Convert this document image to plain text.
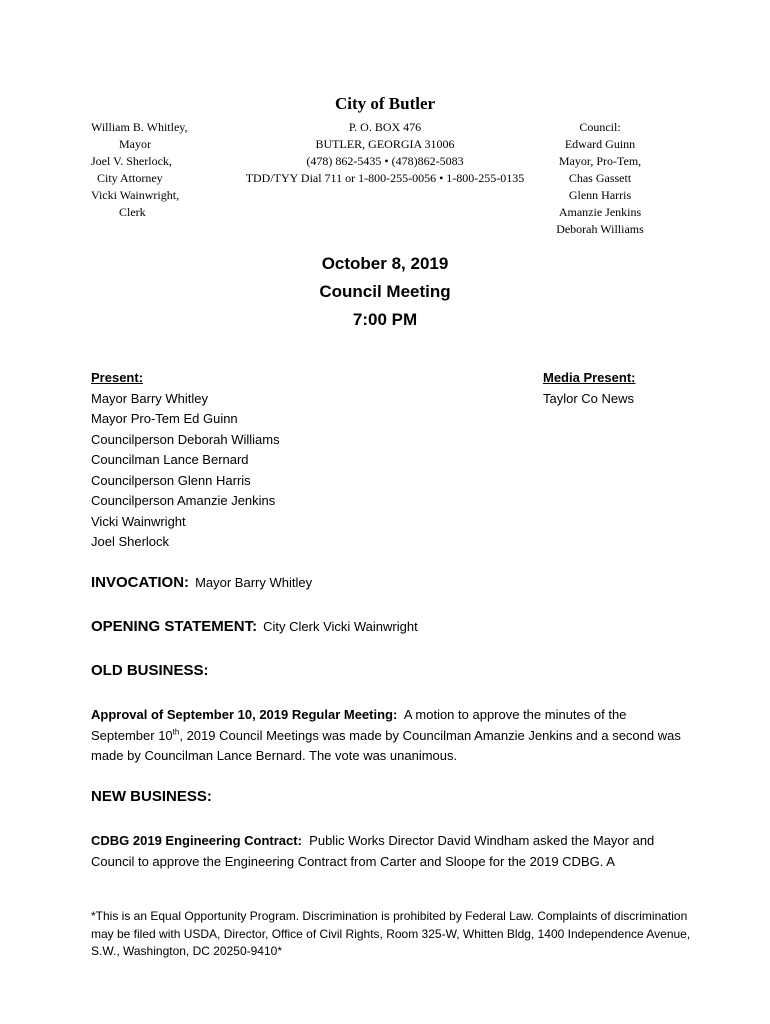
City of Butler
William B. Whitley,
Mayor
Joel V. Sherlock,
City Attorney
Vicki Wainwright,
Clerk
P. O. BOX 476
BUTLER, GEORGIA 31006
(478) 862-5435 • (478)862-5083
TDD/TYY Dial 711 or 1-800-255-0056 • 1-800-255-0135
Council:
Edward Guinn
Mayor, Pro-Tem,
Chas Gassett
Glenn Harris
Amanzie Jenkins
Deborah Williams
October 8, 2019
Council Meeting
7:00 PM
Present:
Mayor Barry Whitley
Mayor Pro-Tem Ed Guinn
Councilperson Deborah Williams
Councilman Lance Bernard
Councilperson Glenn Harris
Councilperson Amanzie Jenkins
Vicki Wainwright
Joel Sherlock
Media Present:
Taylor Co News
INVOCATION: Mayor Barry Whitley
OPENING STATEMENT: City Clerk Vicki Wainwright
OLD BUSINESS:
Approval of September 10, 2019 Regular Meeting: A motion to approve the minutes of the September 10th, 2019 Council Meetings was made by Councilman Amanzie Jenkins and a second was made by Councilman Lance Bernard. The vote was unanimous.
NEW BUSINESS:
CDBG 2019 Engineering Contract: Public Works Director David Windham asked the Mayor and Council to approve the Engineering Contract from Carter and Sloope for the 2019 CDBG. A
*This is an Equal Opportunity Program. Discrimination is prohibited by Federal Law. Complaints of discrimination may be filed with USDA, Director, Office of Civil Rights, Room 325-W, Whitten Bldg, 1400 Independence Avenue, S.W., Washington, DC 20250-9410*
